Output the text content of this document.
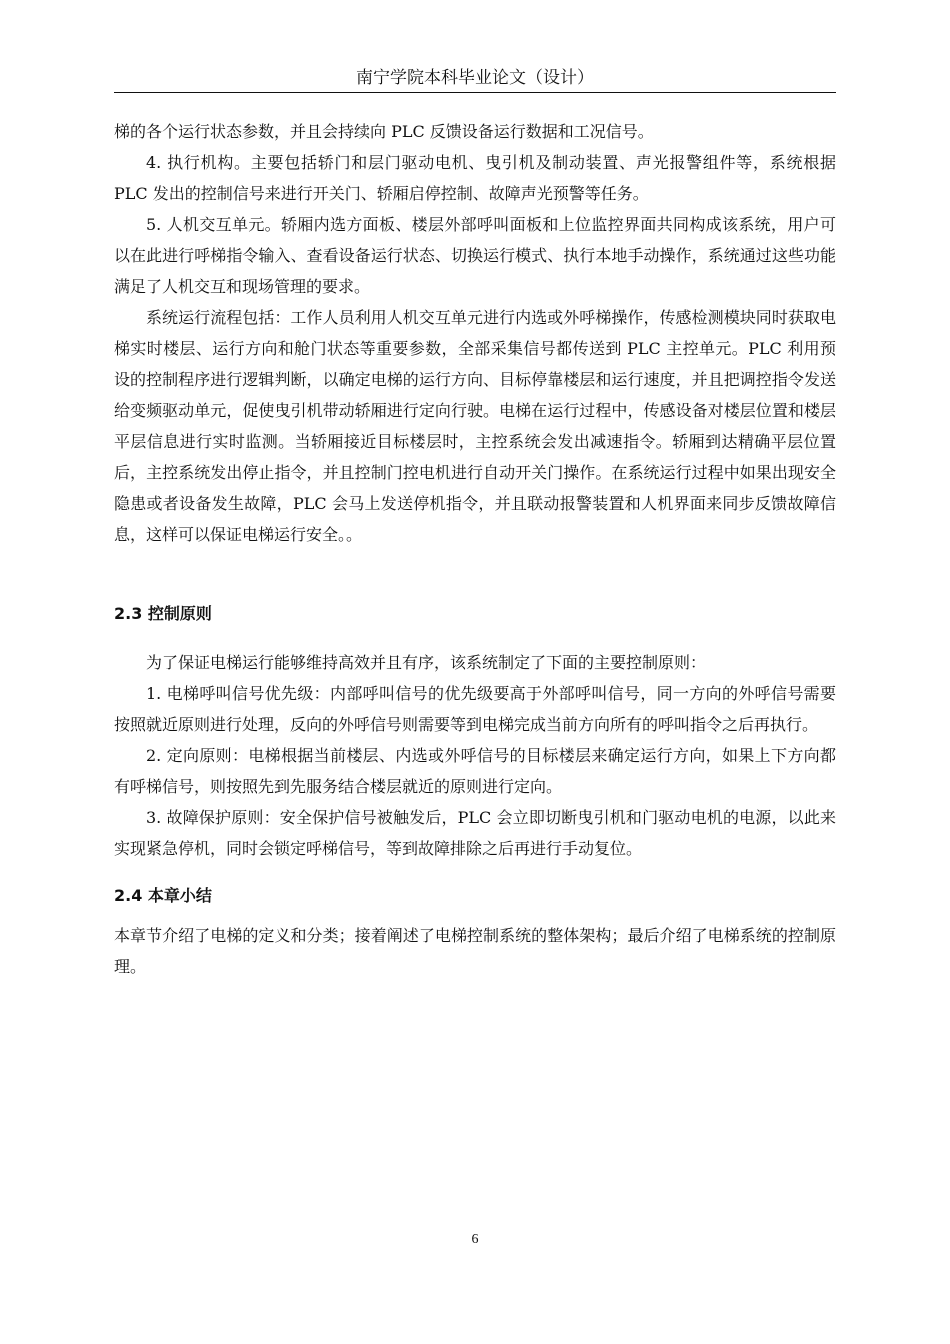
南宁学院本科毕业论文（设计）

梯的各个运行状态参数，并且会持续向 PLC 反馈设备运行数据和工况信号。

4. 执行机构。主要包括轿门和层门驱动电机、曳引机及制动装置、声光报警组件等，系统根据 PLC 发出的控制信号来进行开关门、轿厢启停控制、故障声光预警等任务。

5. 人机交互单元。轿厢内选方面板、楼层外部呼叫面板和上位监控界面共同构成该系统，用户可以在此进行呼梯指令输入、查看设备运行状态、切换运行模式、执行本地手动操作，系统通过这些功能满足了人机交互和现场管理的要求。

系统运行流程包括：工作人员利用人机交互单元进行内选或外呼梯操作，传感检测模块同时获取电梯实时楼层、运行方向和舱门状态等重要参数，全部采集信号都传送到 PLC 主控单元。PLC 利用预设的控制程序进行逻辑判断，以确定电梯的运行方向、目标停靠楼层和运行速度，并且把调控指令发送给变频驱动单元，促使曳引机带动轿厢进行定向行驶。电梯在运行过程中，传感设备对楼层位置和楼层平层信息进行实时监测。当轿厢接近目标楼层时，主控系统会发出减速指令。轿厢到达精确平层位置后，主控系统发出停止指令，并且控制门控电机进行自动开关门操作。在系统运行过程中如果出现安全隐患或者设备发生故障，PLC 会马上发送停机指令，并且联动报警装置和人机界面来同步反馈故障信息，这样可以保证电梯运行安全。。

2.3 控制原则

为了保证电梯运行能够维持高效并且有序，该系统制定了下面的主要控制原则：

1. 电梯呼叫信号优先级：内部呼叫信号的优先级要高于外部呼叫信号，同一方向的外呼信号需要按照就近原则进行处理，反向的外呼信号则需要等到电梯完成当前方向所有的呼叫指令之后再执行。

2. 定向原则：电梯根据当前楼层、内选或外呼信号的目标楼层来确定运行方向，如果上下方向都有呼梯信号，则按照先到先服务结合楼层就近的原则进行定向。

3. 故障保护原则：安全保护信号被触发后，PLC 会立即切断曳引机和门驱动电机的电源，以此来实现紧急停机，同时会锁定呼梯信号，等到故障排除之后再进行手动复位。

2.4 本章小结

本章节介绍了电梯的定义和分类；接着阐述了电梯控制系统的整体架构；最后介绍了电梯系统的控制原理。

6
